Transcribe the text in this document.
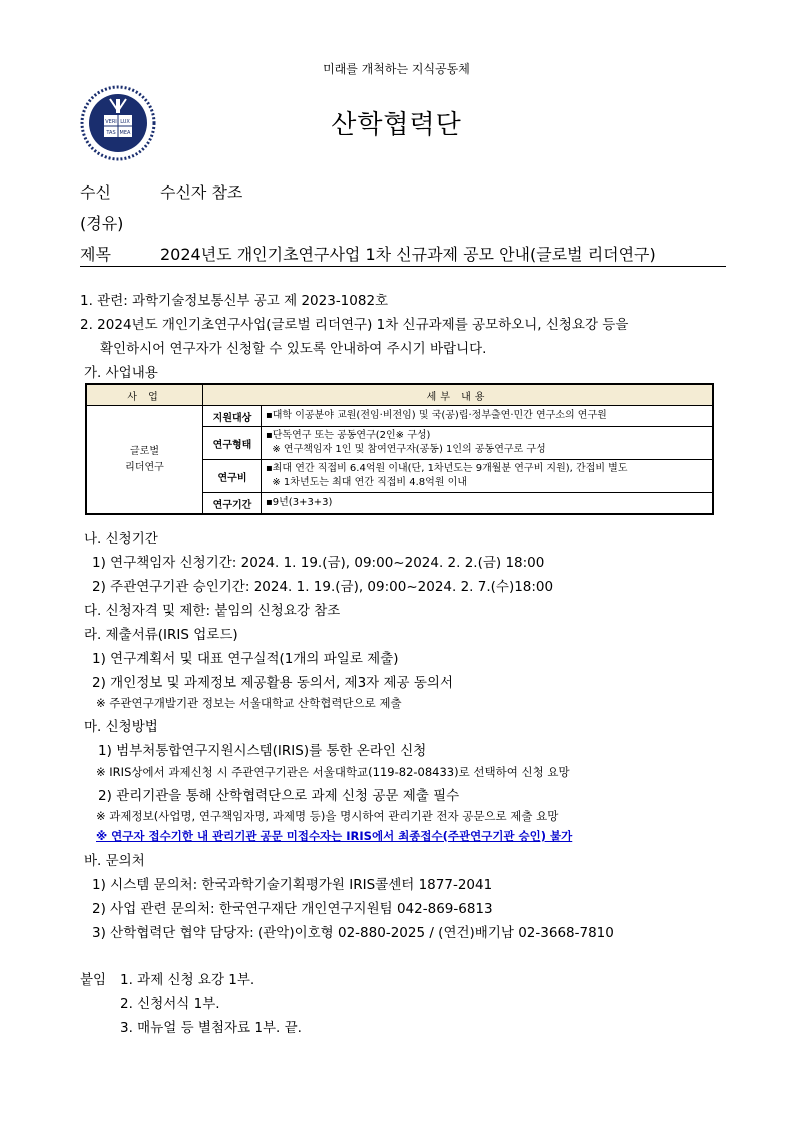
미래를 개척하는 지식공동체
VERI LUX
TAS MEA	산학협력단
수신	수신자 참조
(경유)
제목	2024년도 개인기초연구사업 1차 신규과제 공모 안내(글로벌 리더연구)
1. 관련: 과학기술정보통신부 공고 제 2023-1082호
2. 2024년도 개인기초연구사업(글로벌 리더연구) 1차 신규과제를 공모하오니, 신청요강 등을
확인하시어 연구자가 신청할 수 있도록 안내하여 주시기 바랍니다.
가. 사업내용
사 업	세부 내용	
글로벌
리더연구	지원대상	▪대학 이공분야 교원(전임·비전임) 및 국(공)립·정부출연·민간 연구소의 연구원
	연구형태	▪단독연구 또는 공동연구(2인※ 구성)
※ 연구책임자 1인 및 참여연구자(공동) 1인의 공동연구로 구성
	연구비	▪최대 연간 직접비 6.4억원 이내(단, 1차년도는 9개월분 연구비 지원), 간접비 별도
※ 1차년도는 최대 연간 직접비 4.8억원 이내
	연구기간	▪9년(3+3+3)
나. 신청기간
1) 연구책임자 신청기간: 2024. 1. 19.(금), 09:00~2024. 2. 2.(금) 18:00
2) 주관연구기관 승인기간: 2024. 1. 19.(금), 09:00~2024. 2. 7.(수)18:00
다. 신청자격 및 제한: 붙임의 신청요강 참조
라. 제출서류(IRIS 업로드)
1) 연구계획서 및 대표 연구실적(1개의 파일로 제출)
2) 개인정보 및 과제정보 제공활용 동의서, 제3자 제공 동의서
※ 주관연구개발기관 정보는 서울대학교 산학협력단으로 제출
마. 신청방법
1) 범부처통합연구지원시스템(IRIS)를 통한 온라인 신청
※ IRIS상에서 과제신청 시 주관연구기관은 서울대학교(119-82-08433)로 선택하여 신청 요망
2) 관리기관을 통해 산학협력단으로 과제 신청 공문 제출 필수
※ 과제정보(사업명, 연구책임자명, 과제명 등)을 명시하여 관리기관 전자 공문으로 제출 요망
※ 연구자 접수기한 내 관리기관 공문 미접수자는 IRIS에서 최종접수(주관연구기관 승인) 불가
바. 문의처
1) 시스템 문의처: 한국과학기술기획평가원 IRIS콜센터 1877-2041
2) 사업 관련 문의처: 한국연구재단 개인연구지원팀 042-869-6813
3) 산학협력단 협약 담당자: (관악)이호형 02-880-2025 / (연건)배기남 02-3668-7810
붙임 1. 과제 신청 요강 1부.
2. 신청서식 1부.
3. 매뉴얼 등 별첨자료 1부. 끝.
